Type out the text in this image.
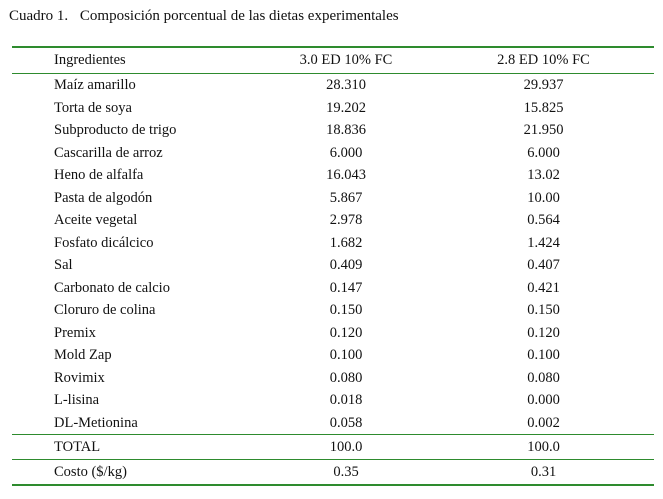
Cuadro 1. Composición porcentual de las dietas experimentales
Ingredientes	3.0 ED 10% FC	2.8 ED 10% FC
Maíz amarillo	28.310	29.937
Torta de soya	19.202	15.825
Subproducto de trigo	18.836	21.950
Cascarilla de arroz	6.000	6.000
Heno de alfalfa	16.043	13.02
Pasta de algodón	5.867	10.00
Aceite vegetal	2.978	0.564
Fosfato dicálcico	1.682	1.424
Sal	0.409	0.407
Carbonato de calcio	0.147	0.421
Cloruro de colina	0.150	0.150
Premix	0.120	0.120
Mold Zap	0.100	0.100
Rovimix	0.080	0.080
L-lisina	0.018	0.000
DL-Metionina	0.058	0.002
TOTAL	100.0	100.0
Costo ($/kg)	0.35	0.31
